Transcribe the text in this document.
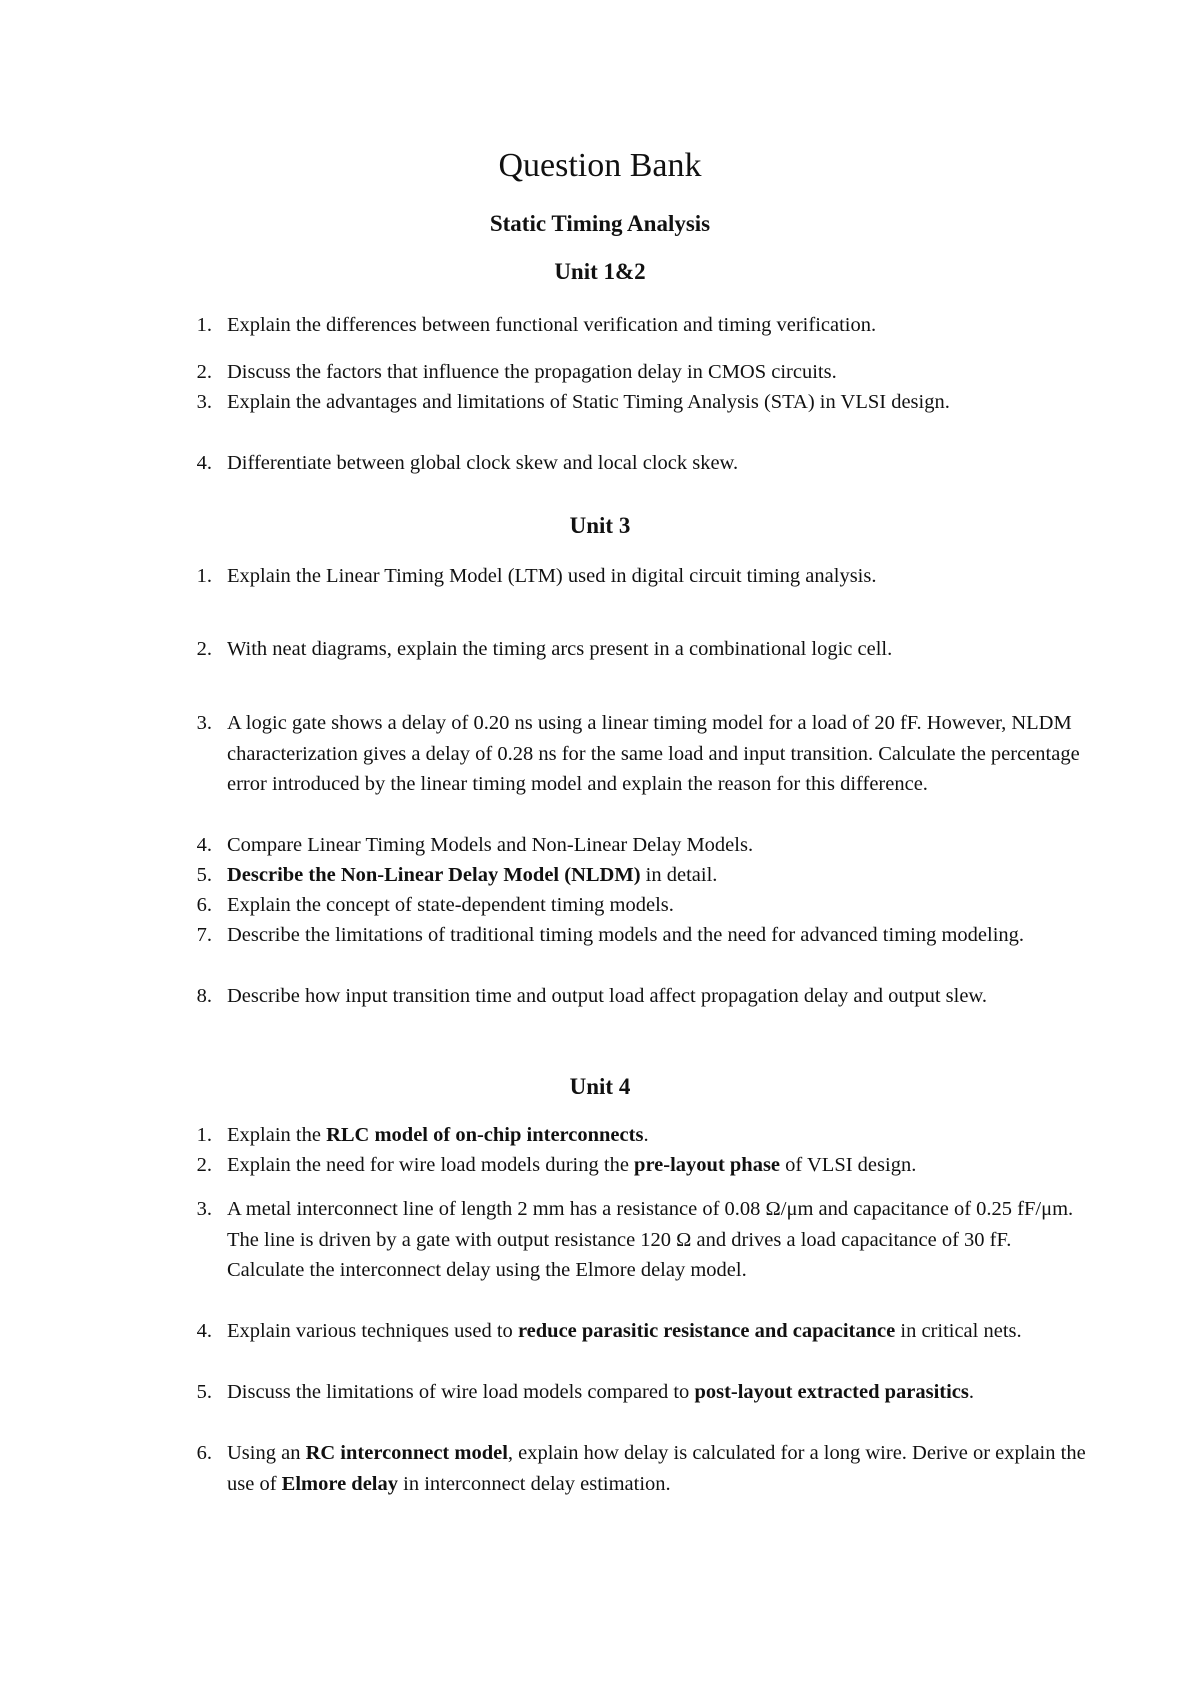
Question Bank
Static Timing Analysis
Unit 1&2
1. Explain the differences between functional verification and timing verification.
2. Discuss the factors that influence the propagation delay in CMOS circuits.
3. Explain the advantages and limitations of Static Timing Analysis (STA) in VLSI design.
4. Differentiate between global clock skew and local clock skew.
Unit 3
1. Explain the Linear Timing Model (LTM) used in digital circuit timing analysis.
2. With neat diagrams, explain the timing arcs present in a combinational logic cell.
3. A logic gate shows a delay of 0.20 ns using a linear timing model for a load of 20 fF. However, NLDM characterization gives a delay of 0.28 ns for the same load and input transition. Calculate the percentage error introduced by the linear timing model and explain the reason for this difference.
4. Compare Linear Timing Models and Non-Linear Delay Models.
5. Describe the Non-Linear Delay Model (NLDM) in detail.
6. Explain the concept of state-dependent timing models.
7. Describe the limitations of traditional timing models and the need for advanced timing modeling.
8. Describe how input transition time and output load affect propagation delay and output slew.
Unit 4
1. Explain the RLC model of on-chip interconnects.
2. Explain the need for wire load models during the pre-layout phase of VLSI design.
3. A metal interconnect line of length 2 mm has a resistance of 0.08 Ω/μm and capacitance of 0.25 fF/μm. The line is driven by a gate with output resistance 120 Ω and drives a load capacitance of 30 fF. Calculate the interconnect delay using the Elmore delay model.
4. Explain various techniques used to reduce parasitic resistance and capacitance in critical nets.
5. Discuss the limitations of wire load models compared to post-layout extracted parasitics.
6. Using an RC interconnect model, explain how delay is calculated for a long wire. Derive or explain the use of Elmore delay in interconnect delay estimation.
